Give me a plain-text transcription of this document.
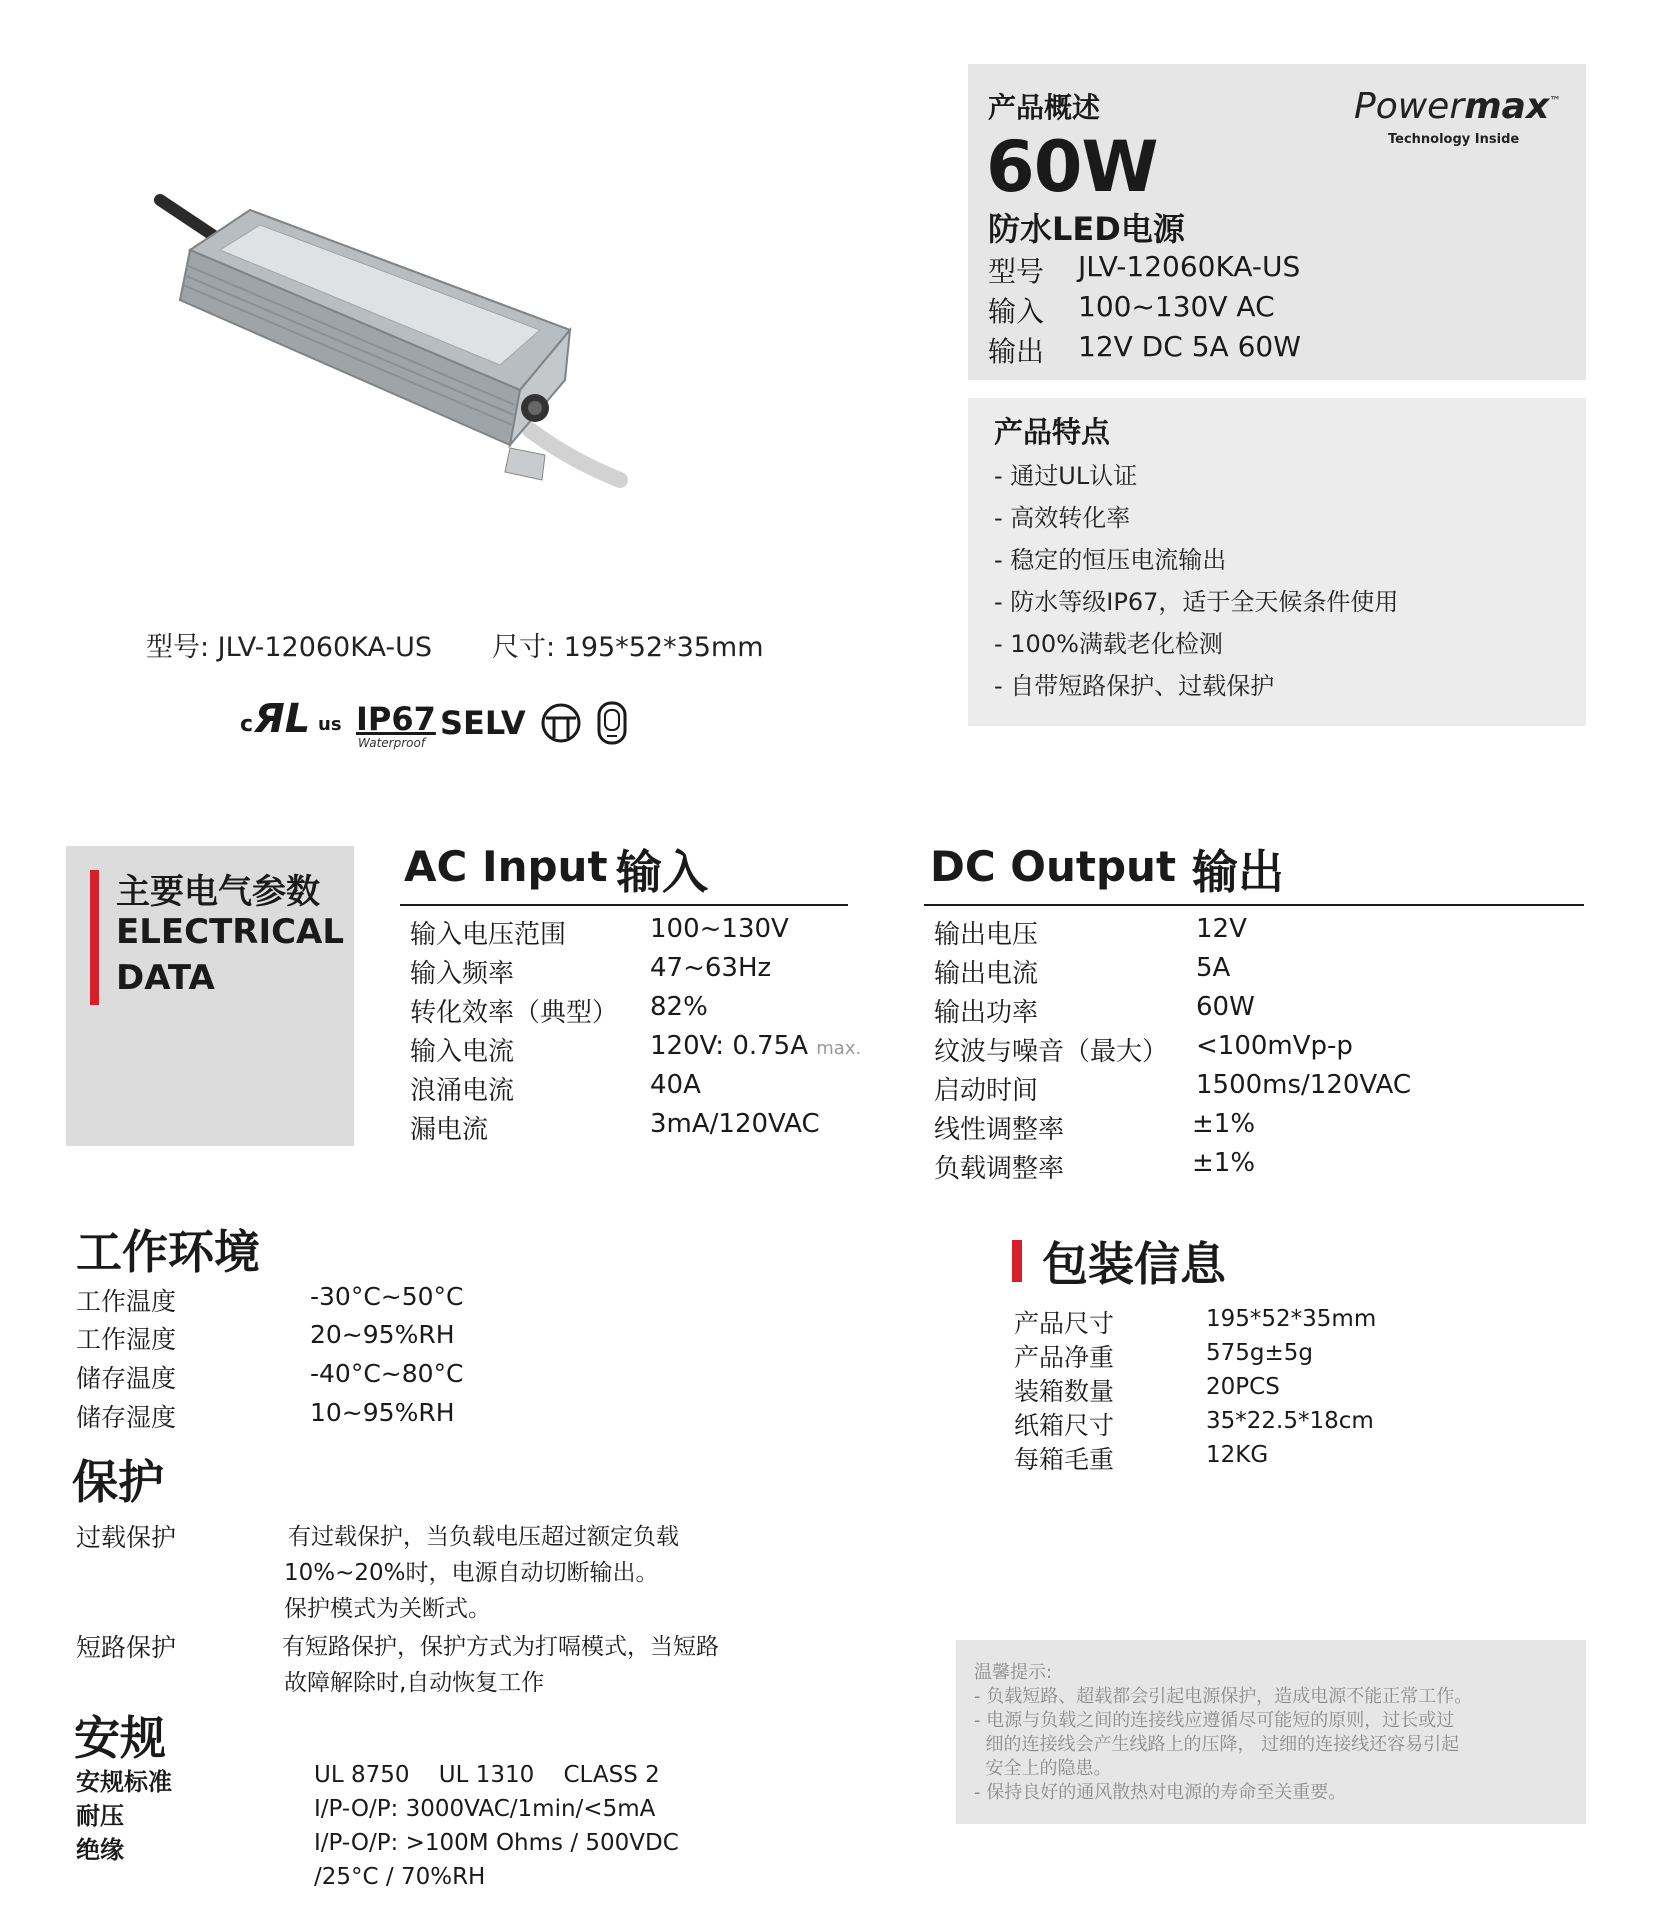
型号: JLV-12060KA-US 尺寸: 195*52*35mm
c ЯL us IP67
Waterproof
SELV
产品概述
60W
防水LED电源
Powermax™
Technology Inside
型号 JLV-12060KA-US
输入 100~130V AC
输出 12V DC 5A 60W
产品特点
- 通过UL认证
- 高效转化率
- 稳定的恒压电流输出
- 防水等级IP67，适于全天候条件使用
- 100%满载老化检测
- 自带短路保护、过载保护
主要电气参数
ELECTRICAL
DATA
AC Input 输入
输入电压范围	100~130V
输入频率	47~63Hz
转化效率（典型） 82%
输入电流	120V: 0.75A max.
浪涌电流	40A
漏电流	3mA/120VAC
DC Output 输出
输出电压	12V
输出电流	5A
输出功率	60W
纹波与噪音（最大） <100mVp-p
启动时间	1500ms/120VAC
线性调整率	±1%
负载调整率	±1%
工作环境
工作温度	-30°C~50°C
工作湿度	20~95%RH
储存温度	-40°C~80°C
储存湿度	10~95%RH
保护
过载保护	有过载保护，当负载电压超过额定负载
10%~20%时，电源自动切断输出。
保护模式为关断式。
短路保护	有短路保护，保护方式为打嗝模式，当短路
故障解除时,自动恢复工作
安规
安规标准	UL 8750    UL 1310    CLASS 2
耐压	I/P-O/P: 3000VAC/1min/<5mA
绝缘	I/P-O/P: >100M Ohms / 500VDC
/25°C / 70%RH
包装信息
产品尺寸	195*52*35mm
产品净重	575g±5g
装箱数量	20PCS
纸箱尺寸	35*22.5*18cm
每箱毛重	12KG
温馨提示:
- 负载短路、超载都会引起电源保护，造成电源不能正常工作。
- 电源与负载之间的连接线应遵循尽可能短的原则，过长或过
细的连接线会产生线路上的压降， 过细的连接线还容易引起
安全上的隐患。
- 保持良好的通风散热对电源的寿命至关重要。
